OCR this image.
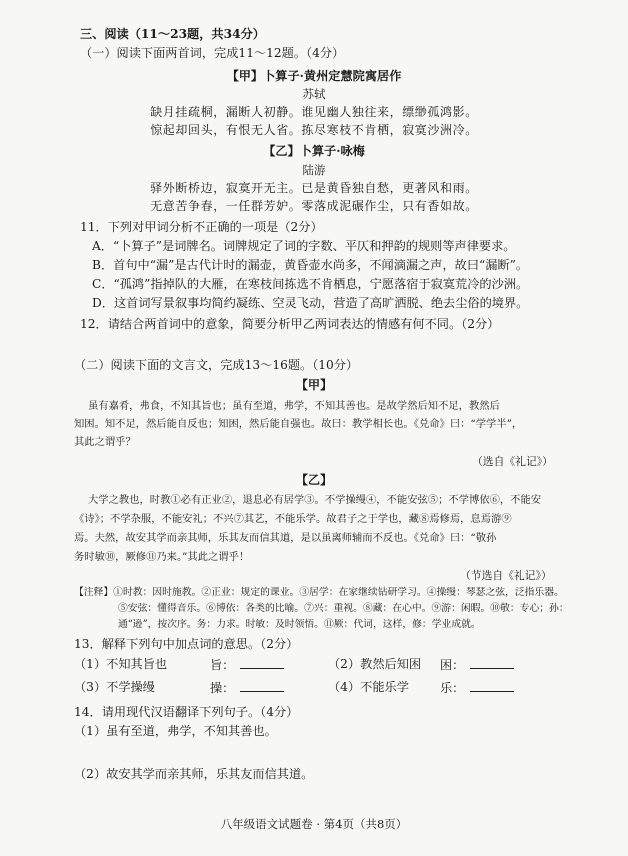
三、阅读（11～23题，共34分）
（一）阅读下面两首词，完成11～12题。（4分）
【甲】卜算子·黄州定慧院寓居作
苏轼
缺月挂疏桐，漏断人初静。谁见幽人独往来，缥缈孤鸿影。
惊起却回头，有恨无人省。拣尽寒枝不肯栖，寂寞沙洲冷。
【乙】卜算子·咏梅
陆游
驿外断桥边，寂寞开无主。已是黄昏独自愁，更著风和雨。
无意苦争春，一任群芳妒。零落成泥碾作尘，只有香如故。
11．下列对甲词分析不正确的一项是（2分）
A．“卜算子”是词牌名。词牌规定了词的字数、平仄和押韵的规则等声律要求。
B．首句中“漏”是古代计时的漏壶，黄昏壶水尚多，不闻滴漏之声，故曰“漏断”。
C．“孤鸿”指掉队的大雁，在寒枝间拣选不肯栖息，宁愿落宿于寂寞荒冷的沙洲。
D．这首词写景叙事均简约凝练、空灵飞动，营造了高旷洒脱、绝去尘俗的境界。
12．请结合两首词中的意象，简要分析甲乙两词表达的情感有何不同。（2分）
（二）阅读下面的文言文，完成13～16题。（10分）
【甲】
虽有嘉肴，弗食，不知其旨也；虽有至道，弗学，不知其善也。是故学然后知不足，教然后
知困。知不足，然后能自反也；知困，然后能自强也。故曰：教学相长也。《兑命》曰：“学学半”，
其此之谓乎？
（选自《礼记》）
【乙】
大学之教也，时教①必有正业②，退息必有居学③。不学操缦④，不能安弦⑤；不学博依⑥，不能安
《诗》；不学杂服，不能安礼；不兴⑦其艺，不能乐学。故君子之于学也，藏⑧焉修焉，息焉游⑨
焉。夫然，故安其学而亲其师，乐其友而信其道，是以虽离师辅而不反也。《兑命》曰：“敬孙
务时敏⑩，厥修⑪乃来。”其此之谓乎！
（节选自《礼记》）
【注释】①时教：因时施教。②正业：规定的课业。③居学：在家继续钻研学习。④操缦：琴瑟之弦，泛指乐器。
⑤安弦：懂得音乐。⑥博依：各类的比喻。⑦兴：重视。⑧藏：在心中。⑨游：闲暇。⑩敬：专心；孙：
通“逊”，按次序。务：力求。时敏：及时领悟。⑪厥：代词，这样，修：学业成就。
13．解释下列句中加点词的意思。（2分）
（1）不知其旨也	旨：	（2）教然后知困 困：
（3）不学操缦	操：	（4）不能乐学	乐：
14．请用现代汉语翻译下列句子。（4分）
（1）虽有至道，弗学，不知其善也。
（2）故安其学而亲其师，乐其友而信其道。
八年级语文试题卷 · 第4页（共8页）
